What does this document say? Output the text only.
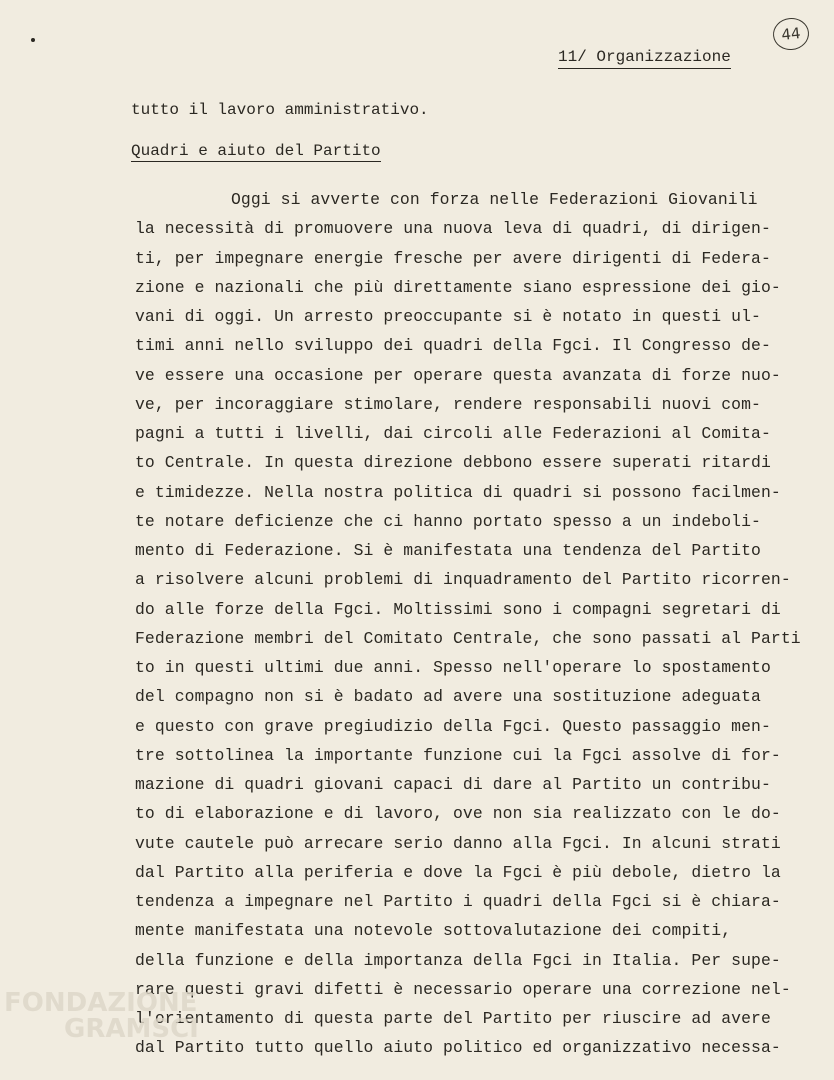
44
11/ Organizzazione
tutto il lavoro amministrativo.
Quadri e aiuto del Partito
Oggi si avverte con forza nelle Federazioni Giovanili
la necessità di promuovere una nuova leva di quadri, di dirigen-
ti, per impegnare energie fresche per avere dirigenti di Federa-
zione e nazionali che più direttamente siano espressione dei gio-
vani di oggi. Un arresto preoccupante si è notato in questi ul-
timi anni nello sviluppo dei quadri della Fgci. Il Congresso de-
ve essere una occasione per operare questa avanzata di forze nuo-
ve, per incoraggiare stimolare, rendere responsabili nuovi com-
pagni a tutti i livelli, dai circoli alle Federazioni al Comita-
to Centrale. In questa direzione debbono essere superati ritardi
e timidezze. Nella nostra politica di quadri si possono facilmen-
te notare deficienze che ci hanno portato spesso a un indeboli-
mento di Federazione. Si è manifestata una tendenza del Partito
a risolvere alcuni problemi di inquadramento del Partito ricorren-
do alle forze della Fgci. Moltissimi sono i compagni segretari di
Federazione membri del Comitato Centrale, che sono passati al Parti
to in questi ultimi due anni. Spesso nell'operare lo spostamento
del compagno non si è badato ad avere una sostituzione adeguata
e questo con grave pregiudizio della Fgci. Questo passaggio men-
tre sottolinea la importante funzione cui la Fgci assolve di for-
mazione di quadri giovani capaci di dare al Partito un contribu-
to di elaborazione e di lavoro, ove non sia realizzato con le do-
vute cautele può arrecare serio danno alla Fgci. In alcuni strati
dal Partito alla periferia e dove la Fgci è più debole, dietro la
tendenza a impegnare nel Partito i quadri della Fgci si è chiara-
mente manifestata una notevole sottovalutazione dei compiti,
della funzione e della importanza della Fgci in Italia. Per supe-
rare questi gravi difetti è necessario operare una correzione nel-
l'orientamento di questa parte del Partito per riuscire ad avere
dal Partito tutto quello aiuto politico ed organizzativo necessa-
FONDAZIONE
GRAMSCI
